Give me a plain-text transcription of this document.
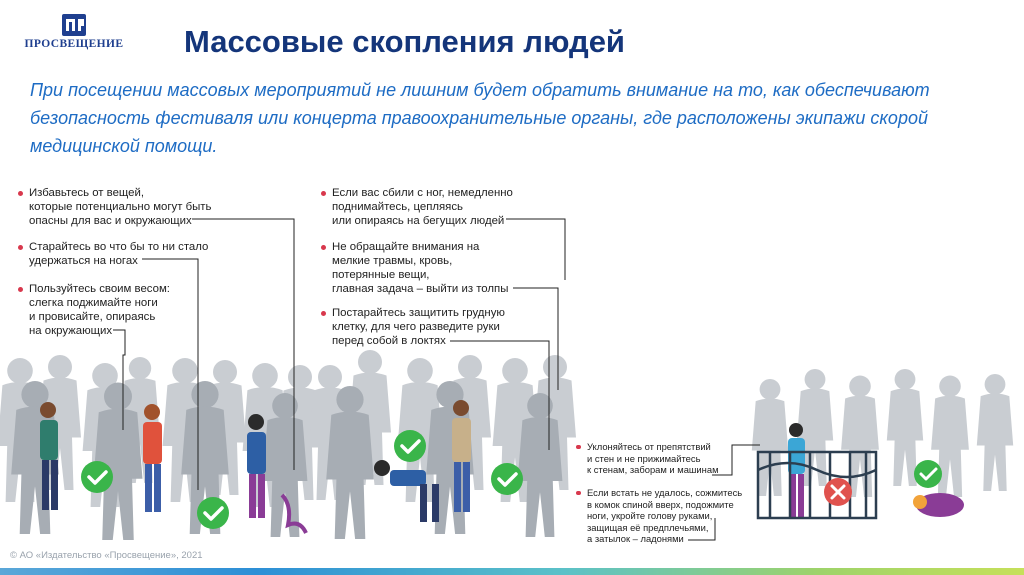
ПРОСВЕЩЕНИЕ Массовые скопления людей
При посещении массовых мероприятий не лишним будет обратить внимание на то, как обеспечивают безопасность фестиваля или концерта правоохранительные органы, где расположены экипажи скорой медицинской помощи.
Избавьтесь от вещей,
которые потенциально могут быть
опасны для вас и окружающих
Старайтесь во что бы то ни стало
удержаться на ногах
Пользуйтесь своим весом:
слегка поджимайте ноги
и провисайте, опираясь
на окружающих
Если вас сбили с ног, немедленно
поднимайтесь, цепляясь
или опираясь на бегущих людей
Не обращайте внимания на
мелкие травмы, кровь,
потерянные вещи,
главная задача – выйти из толпы
Постарайтесь защитить грудную
клетку, для чего разведите руки
перед собой в локтях
Уклоняйтесь от препятствий
и стен и не прижимайтесь
к стенам, заборам и машинам
Если встать не удалось, сожмитесь
в комок спиной вверх, подожмите
ноги, укройте голову руками,
защищая её предплечьями,
а затылок – ладонями
© АО «Издательство «Просвещение», 2021
